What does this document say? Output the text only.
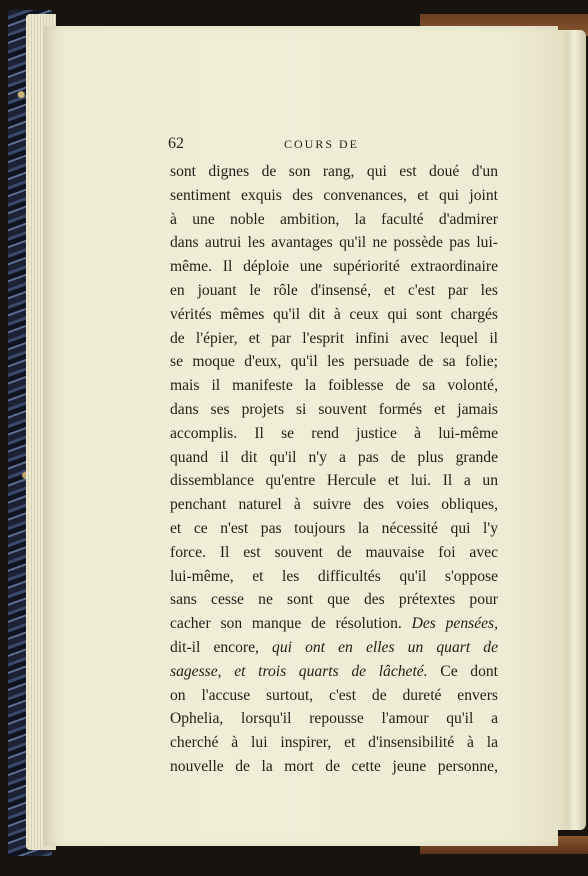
62	COURS DE
sont dignes de son rang, qui est doué d'un
sentiment exquis des convenances, et qui joint
à une noble ambition, la faculté d'admirer
dans autrui les avantages qu'il ne possède pas lui-
même. Il déploie une supériorité extraordinaire
en jouant le rôle d'insensé, et c'est par les
vérités mêmes qu'il dit à ceux qui sont chargés
de l'épier, et par l'esprit infini avec lequel il
se moque d'eux, qu'il les persuade de sa folie;
mais il manifeste la foiblesse de sa volonté,
dans ses projets si souvent formés et jamais
accomplis. Il se rend justice à lui-même
quand il dit qu'il n'y a pas de plus grande
dissemblance qu'entre Hercule et lui. Il a un
penchant naturel à suivre des voies obliques,
et ce n'est pas toujours la nécessité qui l'y
force. Il est souvent de mauvaise foi avec
lui-même, et les difficultés qu'il s'oppose
sans cesse ne sont que des prétextes pour
cacher son manque de résolution. Des pensées,
dit-il encore, qui ont en elles un quart de
sagesse, et trois quarts de lâcheté. Ce dont
on l'accuse surtout, c'est de dureté envers
Ophelia, lorsqu'il repousse l'amour qu'il a
cherché à lui inspirer, et d'insensibilité à la
nouvelle de la mort de cette jeune personne,
